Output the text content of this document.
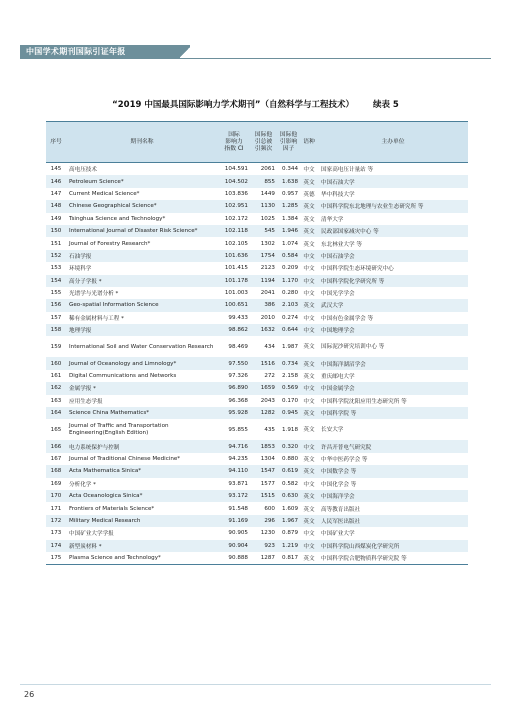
中国学术期刊国际引证年报
“2019 中国最具国际影响力学术期刊”（自然科学与工程技术） 续表 5
序号	期刊名称	国际
影响力
指数 CI	国际他
引总被
引频次	国际他
引影响
因子	语种	主办单位
145	高电压技术	104.591	2061	0.344	中文	国家高电压计量站 等
146	Petroleum Science*	104.502	855	1.638	英文	中国石油大学
147	Current Medical Science*	103.836	1449	0.957	英德	华中科技大学
148	Chinese Geographical Science*	102.951	1130	1.285	英文	中国科学院东北地理与农业生态研究所 等
149	Tsinghua Science and Technology*	102.172	1025	1.384	英文	清华大学
150	International Journal of Disaster Risk Science*	102.118	545	1.946	英文	民政部国家减灾中心 等
151	Journal of Forestry Research*	102.105	1302	1.074	英文	东北林业大学 等
152	石油学报	101.636	1754	0.584	中文	中国石油学会
153	环境科学	101.415	2123	0.209	中文	中国科学院生态环境研究中心
154	高分子学报 *	101.178	1194	1.170	中文	中国科学院化学研究所 等
155	光谱学与光谱分析 *	101.003	2041	0.280	中文	中国光学学会
156	Geo-spatial Information Science	100.651	386	2.103	英文	武汉大学
157	稀有金属材料与工程 *	99.433	2010	0.274	中文	中国有色金属学会 等
158	地理学报	98.862	1632	0.644	中文	中国地理学会
159	International Soil and Water Conservation Research	98.469	434	1.987	英文	国际泥沙研究培训中心 等
160	Journal of Oceanology and Limnology*	97.550	1516	0.734	英文	中国海洋湖沼学会
161	Digital Communications and Networks	97.326	272	2.158	英文	重庆邮电大学
162	金属学报 *	96.890	1659	0.569	中文	中国金属学会
163	应用生态学报	96.368	2043	0.170	中文	中国科学院沈阳应用生态研究所 等
164	Science China Mathematics*	95.928	1282	0.945	英文	中国科学院 等
165	Journal of Traffic and Transportation Engineering(English Edition)	95.855	435	1.918	英文	长安大学
166	电力系统保护与控制	94.716	1853	0.320	中文	许昌开普电气研究院
167	Journal of Traditional Chinese Medicine*	94.235	1304	0.880	英文	中华中医药学会 等
168	Acta Mathematica Sinica*	94.110	1547	0.619	英文	中国数学会 等
169	分析化学 *	93.871	1577	0.582	中文	中国化学会 等
170	Acta Oceanologica Sinica*	93.172	1515	0.630	英文	中国海洋学会
171	Frontiers of Materials Science*	91.548	600	1.609	英文	高等教育出版社
172	Military Medical Research	91.169	296	1.967	英文	人民军医出版社
173	中国矿业大学学报	90.905	1230	0.879	中文	中国矿业大学
174	新型炭材料 *	90.904	923	1.219	中文	中国科学院山西煤炭化学研究所
175	Plasma Science and Technology*	90.888	1287	0.817	英文	中国科学院合肥物质科学研究院 等
26
